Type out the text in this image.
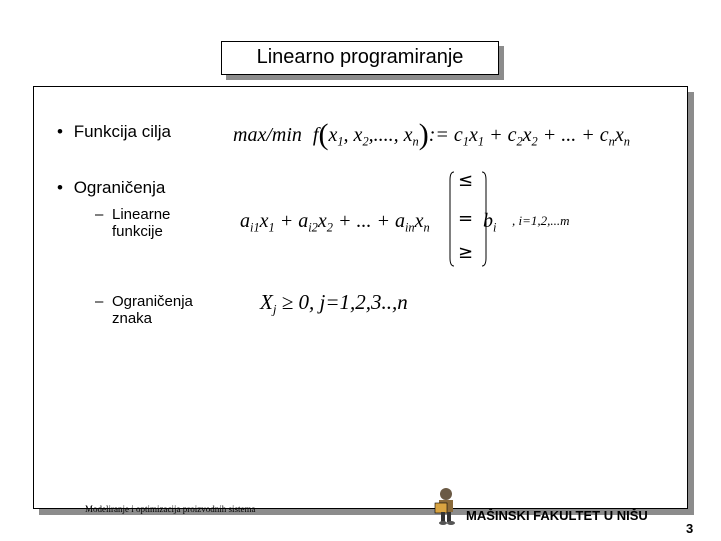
Linearno programiranje
• Funkcija cilja	max/min $f(x_1$, $x_2$,...., $x_n):= c_1x_1 + c_2x_2$ + ... + $c_nx_n$
• Ograničenja
– Linearne funkcije	$a_{i1}x_1 + a_{i2}x_2$ + ... + $a_{in}x_n$
≤
=
≥
$b_i$ , i=1,2,...m
– Ograničenja znaka
$X_j \ge 0$, j=1,2,3..,n
Modeliranje i optimizacija proizvodnih sistema	MAŠINSKI FAKULTET U NIŠU
3
